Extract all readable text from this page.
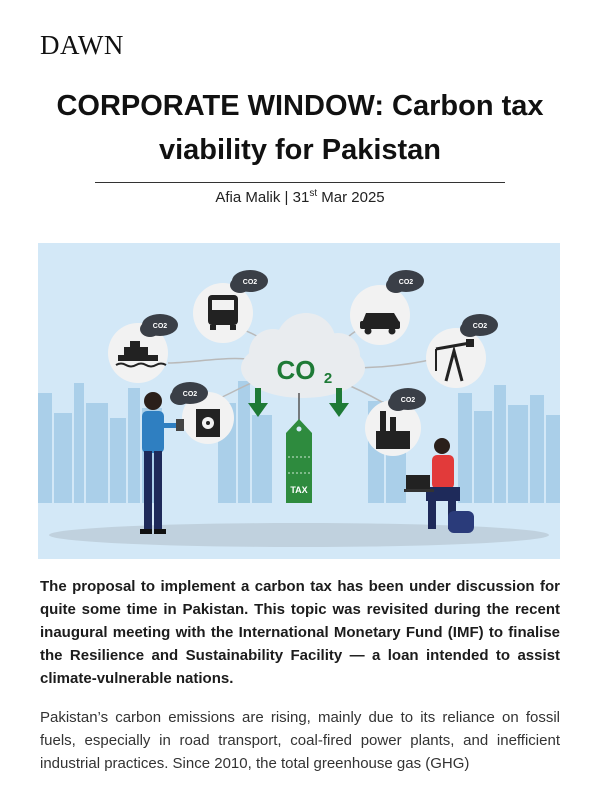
DAWN
CORPORATE WINDOW: Carbon tax viability for Pakistan
Afia Malik | 31st Mar 2025
CO2
CO2
CO2
CO2
CO2
CO2
CO 2
TAX

The proposal to implement a carbon tax has been under discussion for quite some time in Pakistan. This topic was revisited during the recent inaugural meeting with the International Monetary Fund (IMF) to finalise the Resilience and Sustainability Facility — a loan intended to assist climate-vulnerable nations.

Pakistan’s carbon emissions are rising, mainly due to its reliance on fossil fuels, especially in road transport, coal-fired power plants, and inefficient industrial practices. Since 2010, the total greenhouse gas (GHG)
